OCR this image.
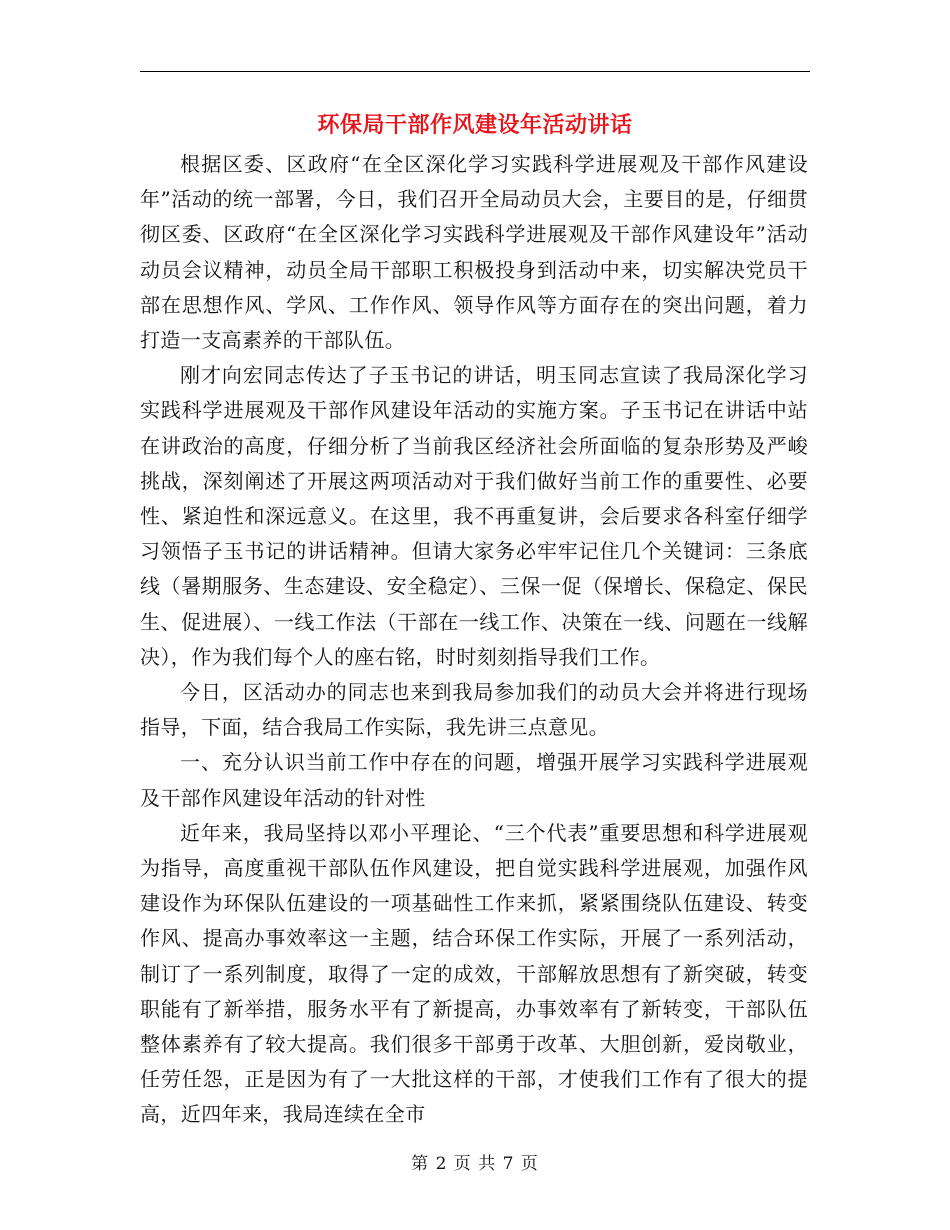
环保局干部作风建设年活动讲话

根据区委、区政府“在全区深化学习实践科学进展观及干部作风建设年”活动的统一部署，今日，我们召开全局动员大会，主要目的是，仔细贯彻区委、区政府“在全区深化学习实践科学进展观及干部作风建设年”活动动员会议精神，动员全局干部职工积极投身到活动中来，切实解决党员干部在思想作风、学风、工作作风、领导作风等方面存在的突出问题，着力打造一支高素养的干部队伍。

刚才向宏同志传达了子玉书记的讲话，明玉同志宣读了我局深化学习实践科学进展观及干部作风建设年活动的实施方案。子玉书记在讲话中站在讲政治的高度，仔细分析了当前我区经济社会所面临的复杂形势及严峻挑战，深刻阐述了开展这两项活动对于我们做好当前工作的重要性、必要性、紧迫性和深远意义。在这里，我不再重复讲，会后要求各科室仔细学习领悟子玉书记的讲话精神。但请大家务必牢牢记住几个关键词：三条底线（暑期服务、生态建设、安全稳定）、三保一促（保增长、保稳定、保民生、促进展）、一线工作法（干部在一线工作、决策在一线、问题在一线解决），作为我们每个人的座右铭，时时刻刻指导我们工作。

今日，区活动办的同志也来到我局参加我们的动员大会并将进行现场指导，下面，结合我局工作实际，我先讲三点意见。

一、充分认识当前工作中存在的问题，增强开展学习实践科学进展观及干部作风建设年活动的针对性

近年来，我局坚持以邓小平理论、“三个代表”重要思想和科学进展观为指导，高度重视干部队伍作风建设，把自觉实践科学进展观，加强作风建设作为环保队伍建设的一项基础性工作来抓，紧紧围绕队伍建设、转变作风、提高办事效率这一主题，结合环保工作实际，开展了一系列活动，制订了一系列制度，取得了一定的成效，干部解放思想有了新突破，转变职能有了新举措，服务水平有了新提高，办事效率有了新转变，干部队伍整体素养有了较大提高。我们很多干部勇于改革、大胆创新，爱岗敬业，任劳任怨，正是因为有了一大批这样的干部，才使我们工作有了很大的提高，近四年来，我局连续在全市

第 2 页 共 7 页
